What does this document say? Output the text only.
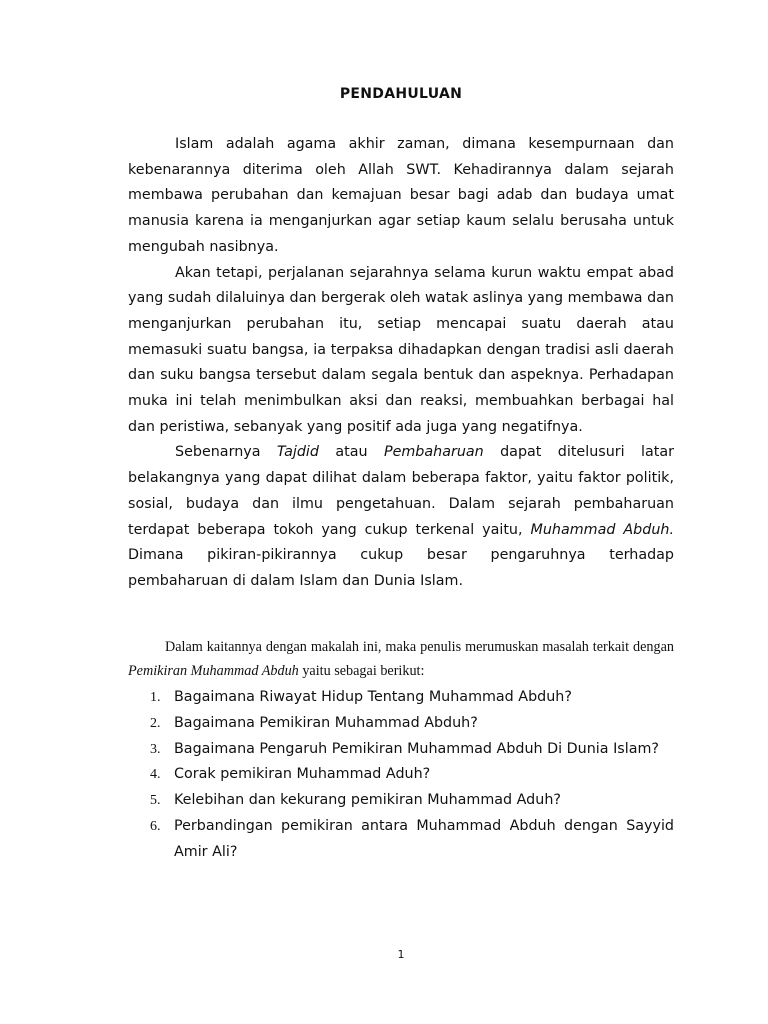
PENDAHULUAN

Islam adalah agama akhir zaman, dimana kesempurnaan dan kebenarannya diterima oleh Allah SWT. Kehadirannya dalam sejarah membawa perubahan dan kemajuan besar bagi adab dan budaya umat manusia karena ia menganjurkan agar setiap kaum selalu berusaha untuk mengubah nasibnya.

Akan tetapi, perjalanan sejarahnya selama kurun waktu empat abad yang sudah dilaluinya dan bergerak oleh watak aslinya yang membawa dan menganjurkan perubahan itu, setiap mencapai suatu daerah atau memasuki suatu bangsa, ia terpaksa dihadapkan dengan tradisi asli daerah dan suku bangsa tersebut dalam segala bentuk dan aspeknya. Perhadapan muka ini telah menimbulkan aksi dan reaksi, membuahkan berbagai hal dan peristiwa, sebanyak yang positif ada juga yang negatifnya.

Sebenarnya Tajdid atau Pembaharuan dapat ditelusuri latar belakangnya yang dapat dilihat dalam beberapa faktor, yaitu faktor politik, sosial, budaya dan ilmu pengetahuan. Dalam sejarah pembaharuan terdapat beberapa tokoh yang cukup terkenal yaitu, Muhammad Abduh. Dimana pikiran-pikirannya cukup besar pengaruhnya terhadap pembaharuan di dalam Islam dan Dunia Islam.

Dalam kaitannya dengan makalah ini, maka penulis merumuskan masalah terkait dengan Pemikiran Muhammad Abduh yaitu sebagai berikut:

1. Bagaimana Riwayat Hidup Tentang Muhammad Abduh?
2. Bagaimana Pemikiran Muhammad Abduh?
3. Bagaimana Pengaruh Pemikiran Muhammad Abduh Di Dunia Islam?
4. Corak pemikiran Muhammad Aduh?
5. Kelebihan dan kekurang pemikiran Muhammad Aduh?
6. Perbandingan pemikiran antara Muhammad Abduh dengan Sayyid Amir Ali?
1
